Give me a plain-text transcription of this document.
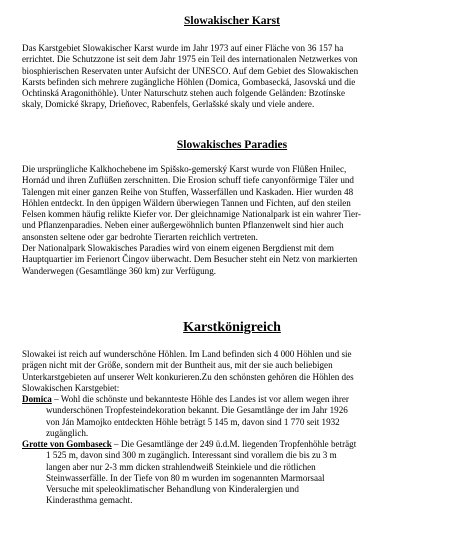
Slowakischer Karst
Das Karstgebiet Slowakischer Karst wurde im Jahr 1973 auf einer Fläche von 36 157 ha
errichtet. Die Schutzzone ist seit dem Jahr 1975 ein Teil des internationalen Netzwerkes von
biosphierischen Reservaten unter Aufsicht der UNESCO. Auf dem Gebiet des Slowakischen
Karsts befinden sich mehrere zugängliche Höhlen (Domica, Gombasecká, Jasovská und die
Ochtinská Aragonithöhle). Unter Naturschutz stehen auch folgende Geländen: Bzotínske
skaly, Domické škrapy, Drieňovec, Rabenfels, Gerlašské skaly und viele andere.
Slowakisches Paradies
Die ursprüngliche Kalkhochebene im Spišsko-gemerský Karst wurde von Flüßen Hnilec,
Hornád und ihren Zuflüßen zerschnitten. Die Erosion schuff tiefe canyonförmige Täler und
Talengen mit einer ganzen Reihe von Stuffen, Wasserfällen und Kaskaden. Hier wurden 48
Höhlen entdeckt. In den üppigen Wäldern überwiegen Tannen und Fichten, auf den steilen
Felsen kommen häufig relikte Kiefer vor. Der gleichnamige Nationalpark ist ein wahrer Tier-
und Pflanzenparadies. Neben einer außergewöhnlich bunten Pflanzenwelt sind hier auch
ansonsten seltene oder gar bedrohte Tierarten reichlich vertreten.
Der Nationalpark Slowakisches Paradies wird von einem eigenen Bergdienst mit dem
Hauptquartier im Ferienort Čingov überwacht. Dem Besucher steht ein Netz von markierten
Wanderwegen (Gesamtlänge 360 km) zur Verfügung.
Karstkönigreich
Slowakei ist reich auf wunderschöne Höhlen. Im Land befinden sich 4 000 Höhlen und sie
prägen nicht mit der Größe, sondern mit der Buntheit aus, mit der sie auch beliebigen
Unterkarstgebieten auf unserer Welt konkurieren.Zu den schönsten gehören die Höhlen des
Slowakischen Karstgebiet:
Domica – Wohl die schönste und bekannteste Höhle des Landes ist vor allem wegen ihrer
wunderschönen Tropfesteindekoration bekannt. Die Gesamtlänge der im Jahr 1926
von Ján Mamojko entdeckten Höhle beträgt 5 145 m, davon sind 1 770 seit 1932
zugänglich.
Grotte von Gombaseck – Die Gesamtlänge der 249 ü.d.M. liegenden Tropfenhöhle beträgt
1 525 m, davon sind 300 m zugänglich. Interessant sind vorallem die bis zu 3 m
langen aber nur 2-3 mm dicken strahlendweiß Steinkiele und die rötlichen
Steinwasserfälle. In der Tiefe von 80 m wurden im sogenannten Marmorsaal
Versuche mit speleoklimatischer Behandlung von Kinderalergien und
Kinderasthma gemacht.
